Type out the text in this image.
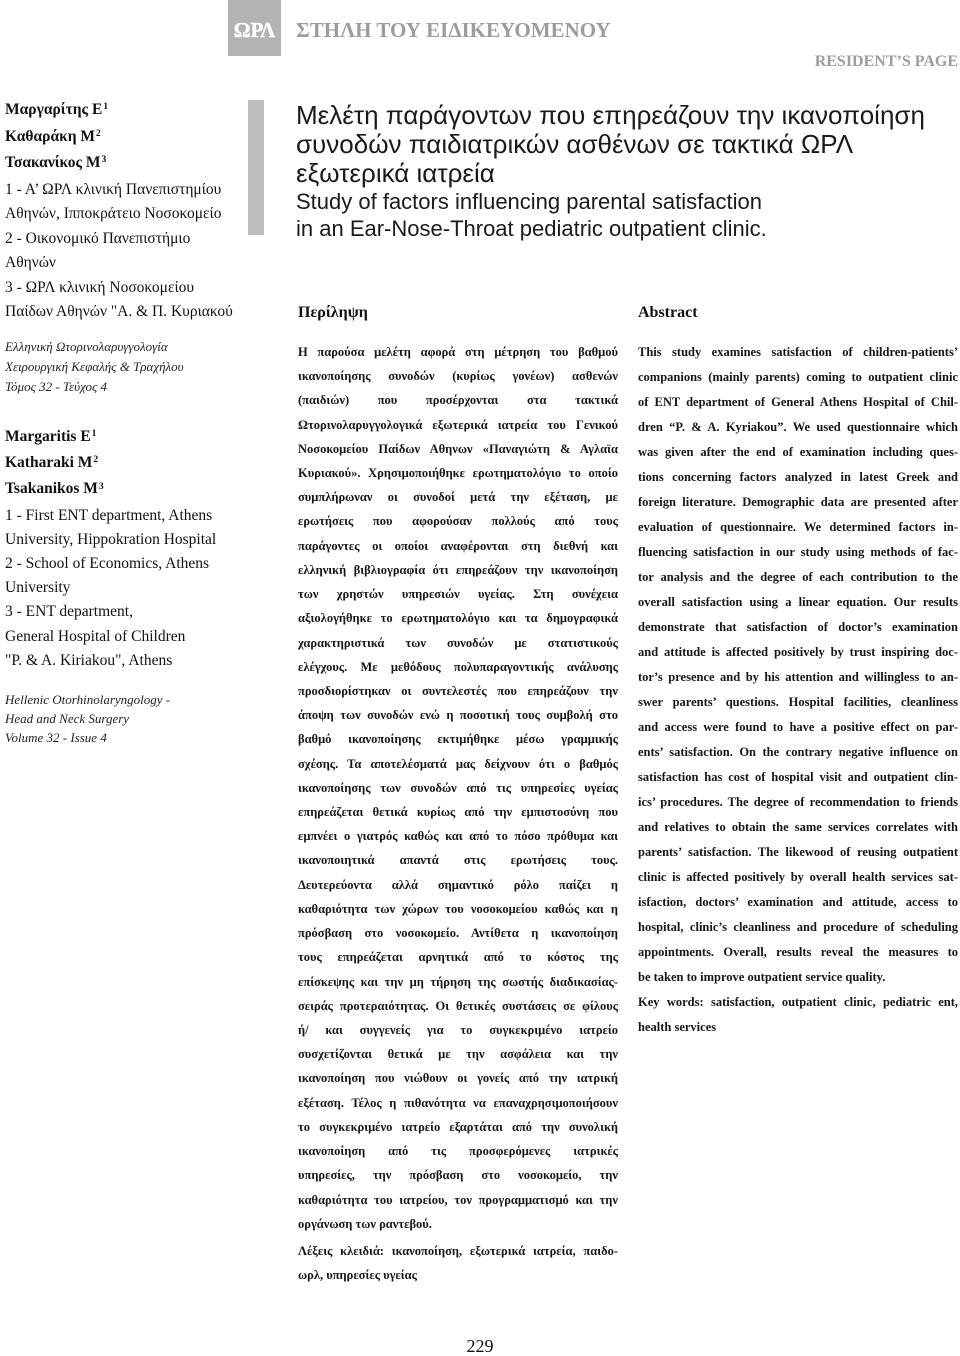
ΩΡΛ ΣΤΗΛΗ ΤΟΥ ΕΙΔΙΚΕΥΟΜΕΝΟΥ
RESIDENT’S PAGE
Μαργαρίτης $E^1$
Καθαράκη $M^2$
Τσακανίκος $M^3$
1 - Α’ ΩΡΛ κλινική Πανεπιστημίου
Αθηνών, Ιπποκράτειο Νοσοκομείο
2 - Οικονομικό Πανεπιστήμιο
Αθηνών
3 - ΩΡΛ κλινική Νοσοκομείου
Παίδων Αθηνών "Α. & Π. Κυριακού
Ελληνική Ωτορινολαρυγγολογία
Χειρουργική Κεφαλής & Τραχήλου
Τόμος 32 - Τεύχος 4
Margaritis $E^1$
Katharaki $M^2$
Tsakanikos $M^3$
1 - First ENT department, Athens
University, Hippokration Hospital
2 - School of Economics, Athens
University
3 - ENT department,
General Hospital of Children
"P. & A. Kiriakou", Athens
Hellenic Otorhinolaryngology -
Head and Neck Surgery
Volume 32 - Issue 4
Μελέτη παράγοντων που επηρεάζουν την ικανοποίηση
συνοδών παιδιατρικών ασθένων σε τακτικά ΩΡΛ
εξωτερικά ιατρεία
Study of factors influencing parental satisfaction
in an Ear-Nose-Throat pediatric outpatient clinic.
Περίληψη	Abstract
Η παρούσα μελέτη αφορά στη μέτρηση του βαθμού
ικανοποίησης συνοδών (κυρίως γονέων) ασθενών
(παιδιών) που προσέρχονται στα τακτικά
Ωτορινολαρυγγολογικά εξωτερικά ιατρεία του Γενικού
Νοσοκομείου Παίδων Αθηνων «Παναγιώτη & Αγλαϊα
Κυριακού». Χρησιμοποιήθηκε ερωτηματολόγιο το οποίο
συμπλήρωναν οι συνοδοί μετά την εξέταση, με
ερωτήσεις που αφορούσαν πολλούς από τους
παράγοντες οι οποίοι αναφέρονται στη διεθνή και
ελληνική βιβλιογραφία ότι επηρεάζουν την ικανοποίηση
των χρηστών υπηρεσιών υγείας. Στη συνέχεια
αξιολογήθηκε το ερωτηματολόγιο και τα δημογραφικά
χαρακτηριστικά των συνοδών με στατιστικούς
ελέγχους. Με μεθόδους πολυπαραγοντικής ανάλυσης
προσδιορίστηκαν οι συντελεστές που επηρεάζουν την
άποψη των συνοδών ενώ η ποσοτική τους συμβολή στο
βαθμό ικανοποίησης εκτιμήθηκε μέσω γραμμικής
σχέσης. Τα αποτελέσματά μας δείχνουν ότι ο βαθμός
ικανοποίησης των συνοδών από τις υπηρεσίες υγείας
επηρεάζεται θετικά κυρίως από την εμπιστοσύνη που
εμπνέει ο γιατρός καθώς και από το πόσο πρόθυμα και
ικανοποιητικά απαντά στις ερωτήσεις τους.
Δευτερεύοντα αλλά σημαντικό ρόλο παίζει η
καθαριότητα των χώρων του νοσοκομείου καθώς και η
πρόσβαση στο νοσοκομείο. Αντίθετα η ικανοποίηση
τους επηρεάζεται αρνητικά από το κόστος της
επίσκεψης και την μη τήρηση της σωστής διαδικασίας-
σειράς προτεραιότητας. Οι θετικές συστάσεις σε φίλους
ή/ και συγγενείς για το συγκεκριμένο ιατρείο
συσχετίζονται θετικά με την ασφάλεια και την
ικανοποίηση που νιώθουν οι γονείς από την ιατρική
εξέταση. Τέλος η πιθανότητα να επαναχρησιμοποιήσουν
το συγκεκριμένο ιατρείο εξαρτάται από την συνολική
ικανοποίηση από τις προσφερόμενες ιατρικές
υπηρεσίες, την πρόσβαση στο νοσοκομείο, την
καθαριότητα του ιατρείου, τον προγραμματισμό και την
οργάνωση των ραντεβού.
Λέξεις κλειδιά: ικανοποίηση, εξωτερικά ιατρεία, παιδο-
ωρλ, υπηρεσίες υγείας
This study examines satisfaction of children-patients’
companions (mainly parents) coming to outpatient clinic
of ENT department of General Athens Hospital of Chil-
dren “P. & A. Kyriakou”. We used questionnaire which
was given after the end of examination including ques-
tions concerning factors analyzed in latest Greek and
foreign literature. Demographic data are presented after
evaluation of questionnaire. We determined factors in-
fluencing satisfaction in our study using methods of fac-
tor analysis and the degree of each contribution to the
overall satisfaction using a linear equation. Our results
demonstrate that satisfaction of doctor’s examination
and attitude is affected positively by trust inspiring doc-
tor’s presence and by his attention and willingless to an-
swer parents’ questions. Hospital facilities, cleanliness
and access were found to have a positive effect on par-
ents’ satisfaction. On the contrary negative influence on
satisfaction has cost of hospital visit and outpatient clin-
ics’ procedures. The degree of recommendation to friends
and relatives to obtain the same services correlates with
parents’ satisfaction. The likewood of reusing outpatient
clinic is affected positively by overall health services sat-
isfaction, doctors’ examination and attitude, access to
hospital, clinic’s cleanliness and procedure of scheduling
appointments. Overall, results reveal the measures to
be taken to improve outpatient service quality.
Key words: satisfaction, outpatient clinic, pediatric ent,
health services
229
